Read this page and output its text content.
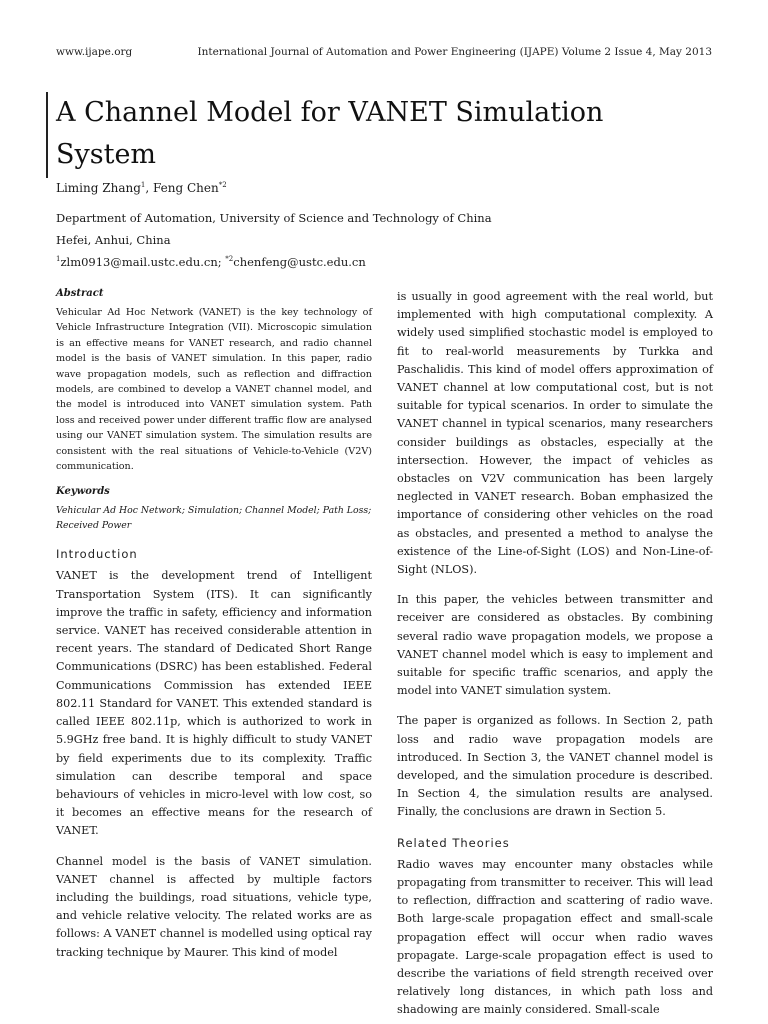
www.ijape.org	International Journal of Automation and Power Engineering (IJAPE) Volume 2 Issue 4, May 2013
A Channel Model for VANET Simulation
System
Liming Zhang$^1$, Feng Chen$^{*2}$
Department of Automation, University of Science and Technology of China
Hefei, Anhui, China
$^1$zlm0913@mail.ustc.edu.cn; $^{*2}$chenfeng@ustc.edu.cn

Abstract

Vehicular Ad Hoc Network (VANET) is the key technology of Vehicle Infrastructure Integration (VII). Microscopic simulation is an effective means for VANET research, and radio channel model is the basis of VANET simulation. In this paper, radio wave propagation models, such as reflection and diffraction models, are combined to develop a VANET channel model, and the model is introduced into VANET simulation system. Path loss and received power under different traffic flow are analysed using our VANET simulation system. The simulation results are consistent with the real situations of Vehicle-to-Vehicle (V2V) communication.

Keywords

Vehicular Ad Hoc Network; Simulation; Channel Model; Path Loss; Received Power

Introduction

VANET is the development trend of Intelligent Transportation System (ITS). It can significantly improve the traffic in safety, efficiency and information service. VANET has received considerable attention in recent years. The standard of Dedicated Short Range Communications (DSRC) has been established. Federal Communications Commission has extended IEEE 802.11 Standard for VANET. This extended standard is called IEEE 802.11p, which is authorized to work in 5.9GHz free band. It is highly difficult to study VANET by field experiments due to its complexity. Traffic simulation can describe temporal and space behaviours of vehicles in micro-level with low cost, so it becomes an effective means for the research of VANET.

Channel model is the basis of VANET simulation. VANET channel is affected by multiple factors including the buildings, road situations, vehicle type, and vehicle relative velocity. The related works are as follows: A VANET channel is modelled using optical ray tracking technique by Maurer. This kind of model

is usually in good agreement with the real world, but implemented with high computational complexity. A widely used simplified stochastic model is employed to fit to real-world measurements by Turkka and Paschalidis. This kind of model offers approximation of VANET channel at low computational cost, but is not suitable for typical scenarios. In order to simulate the VANET channel in typical scenarios, many researchers consider buildings as obstacles, especially at the intersection. However, the impact of vehicles as obstacles on V2V communication has been largely neglected in VANET research. Boban emphasized the importance of considering other vehicles on the road as obstacles, and presented a method to analyse the existence of the Line-of-Sight (LOS) and Non-Line-of-Sight (NLOS).

In this paper, the vehicles between transmitter and receiver are considered as obstacles. By combining several radio wave propagation models, we propose a VANET channel model which is easy to implement and suitable for specific traffic scenarios, and apply the model into VANET simulation system.

The paper is organized as follows. In Section 2, path loss and radio wave propagation models are introduced. In Section 3, the VANET channel model is developed, and the simulation procedure is described. In Section 4, the simulation results are analysed. Finally, the conclusions are drawn in Section 5.

Related Theories

Radio waves may encounter many obstacles while propagating from transmitter to receiver. This will lead to reflection, diffraction and scattering of radio wave. Both large-scale propagation effect and small-scale propagation effect will occur when radio waves propagate. Large-scale propagation effect is used to describe the variations of field strength received over relatively long distances, in which path loss and shadowing are mainly considered. Small-scale
